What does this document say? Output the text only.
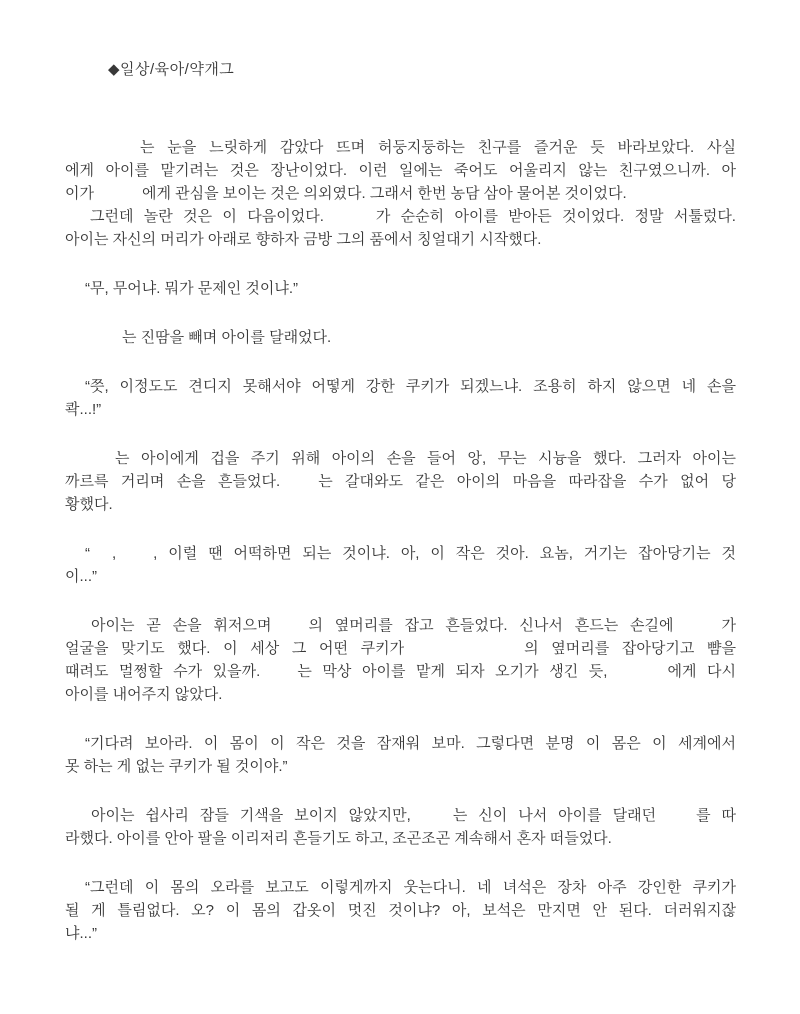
◆일상/육아/약개그
는 눈을 느릿하게 감았다 뜨며 허둥지둥하는 친구를 즐거운 듯 바라보았다. 사실
에게 아이를 맡기려는 것은 장난이었다. 이런 일에는 죽어도 어울리지 않는 친구였으니까. 아
이가	에게 관심을 보이는 것은 의외였다. 그래서 한번 농담 삼아 물어본 것이었다.
그런데 놀란 것은 이 다음이었다.	가 순순히 아이를 받아든 것이었다. 정말 서툴렀다.
아이는 자신의 머리가 아래로 향하자 금방 그의 품에서 칭얼대기 시작했다.
“무, 무어냐. 뭐가 문제인 것이냐.”
는 진땀을 빼며 아이를 달래었다.
“쯧, 이정도도 견디지 못해서야 어떻게 강한 쿠키가 되겠느냐. 조용히 하지 않으면 네 손을
콱...!”
는 아이에게 겁을 주기 위해 아이의 손을 들어 앙, 무는 시늉을 했다. 그러자 아이는
까르륵 거리며 손을 흔들었다.	는 갈대와도 같은 아이의 마음을 따라잡을 수가 없어 당
황했다.
“ , , 이럴 땐 어떡하면 되는 것이냐. 아, 이 작은 것아. 요놈, 거기는 잡아당기는 것
이...”
아이는 곧 손을 휘저으며 의 옆머리를 잡고 흔들었다. 신나서 흔드는 손길에	가
얼굴을 맞기도 했다. 이 세상 그 어떤 쿠키가	의 옆머리를 잡아당기고 뺨을
때려도 멀쩡할 수가 있을까. 는 막상 아이를 맡게 되자 오기가 생긴 듯,	에게 다시
아이를 내어주지 않았다.
“기다려 보아라. 이 몸이 이 작은 것을 잠재워 보마. 그렇다면 분명 이 몸은 이 세계에서
못 하는 게 없는 쿠키가 될 것이야.”
아이는 쉽사리 잠들 기색을 보이지 않았지만,	는 신이 나서 아이를 달래던	를 따
라했다. 아이를 안아 팔을 이리저리 흔들기도 하고, 조곤조곤 계속해서 혼자 떠들었다.
“그런데 이 몸의 오라를 보고도 이렇게까지 웃는다니. 네 녀석은 장차 아주 강인한 쿠키가
될 게 틀림없다. 오? 이 몸의 갑옷이 멋진 것이냐? 아, 보석은 만지면 안 된다. 더러워지잖
냐...”
